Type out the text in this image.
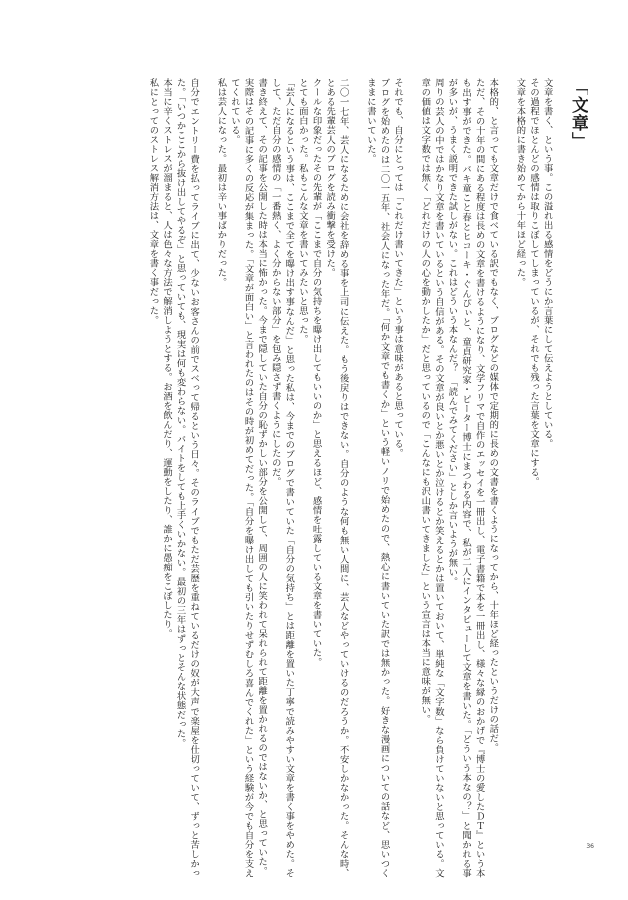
「文章」

文章を書く、という事。この溢れ出る感情をどうにか言葉にして伝えようとしている。

その過程でほとんどの感情は取りこぼしてしまっているが、それでも残った言葉を文章にする。

文章を本格的に書き始めてから十年ほど経った。

本格的、と言っても文章だけで食べている訳でもなく、ブログなどの媒体で定期的に長めの文書を書くようになってから、十年ほど経ったというだけの話だ。

ただ、その十年の間にある程度は長めの文章を書けるようになり、文学フリマで自作のエッセイを一冊出し、電子書籍で本を一冊出し、様々な縁のおかげで『博士の愛したＤＴ』という本も出す事ができた。バキ童こと春とヒコーキ・ぐんぴぃと、童貞研究家・ピーター博士にまつわる内容で、私が二人にインタビューして文章を書いた。「どういう本なの？」と聞かれる事が多いが、うまく説明できた試しがない。これはどういう本なんだ？　「読んでみてください」としか言いようが無い。

周りの芸人の中ではかなり文章を書いているという自信がある。その文章が良いとか悪いとか泣けるとか笑えるとかは置いておいて、単純な「文字数」なら負けていないと思っている。文章の価値は文字数では無く「どれだけの人の心を動かしたか」だと思っているので「こんなにも沢山書いてきました」という宣言は本当に意味が無い。

それでも、自分にとっては「これだけ書いてきた」という事は意味があると思っている。

ブログを始めたのは二〇一五年、社会人になった年だ。「何か文章でも書くか」という軽いノリで始めたので、熱心に書いていた訳では無かった。好きな漫画についての話など、思いつくままに書いていた。

二〇一七年、芸人になるために会社を辞める事を上司に伝えた。もう後戻りはできない。自分のような何も無い人間に、芸人などやっていけるのだろうか。不安しかなかった。そんな時、とある先輩芸人のブログを読み衝撃を受けた。

クールな印象だったその先輩が「ここまで自分の気持ちを曝け出してもいいのか」と思えるほど、感情を吐露している文章を書いていた。

とても面白かった。私もこんな文章を書いてみたいと思った。

「芸人になるという事は、ここまで全てを曝け出す事なんだ」と思った私は、今までのブログで書いていた「自分の気持ち」とは距離を置いた丁寧で読みやすい文章を書く事をやめた。そして、ただ自分の感情の「一番熱く、よく分からない部分」を包み隠さず書くようにしたのだ。

書き終えて、その記事を公開した時は本当に怖かった。今まで隠していた自分の恥ずかしい部分を公開して、周囲の人に笑われて呆れられて距離を置かれるのではないか、と思っていた。

実際はその記事に多くの反応が集まった。「文章が面白い」と言われたのはその時が初めてだった。「自分を曝け出しても引いたりせずむしろ喜んでくれた」という経験が今でも自分を支えてくれている。

私は芸人になった。最初は辛い事ばかりだった。

自分でエントリー費を払ってライブに出て、少ないお客さんの前でスベって帰るという日々。そのライブでもただ芸歴を重ねているだけの奴が大声で楽屋を仕切っていて、ずっと苦しかった。「いつかここから抜け出してやるぞ」と思っていても、現実は何も変わらない。バイトをしても上手くいかない。最初の三年はずっとそんな状態だった。

本当に辛くストレスが溜まると、人は色々な方法で解消しようとする。お酒を飲んだり、運動をしたり、誰かに愚痴をこぼしたり。

私にとってのストレス解消方法は、文章を書く事だった。

36
